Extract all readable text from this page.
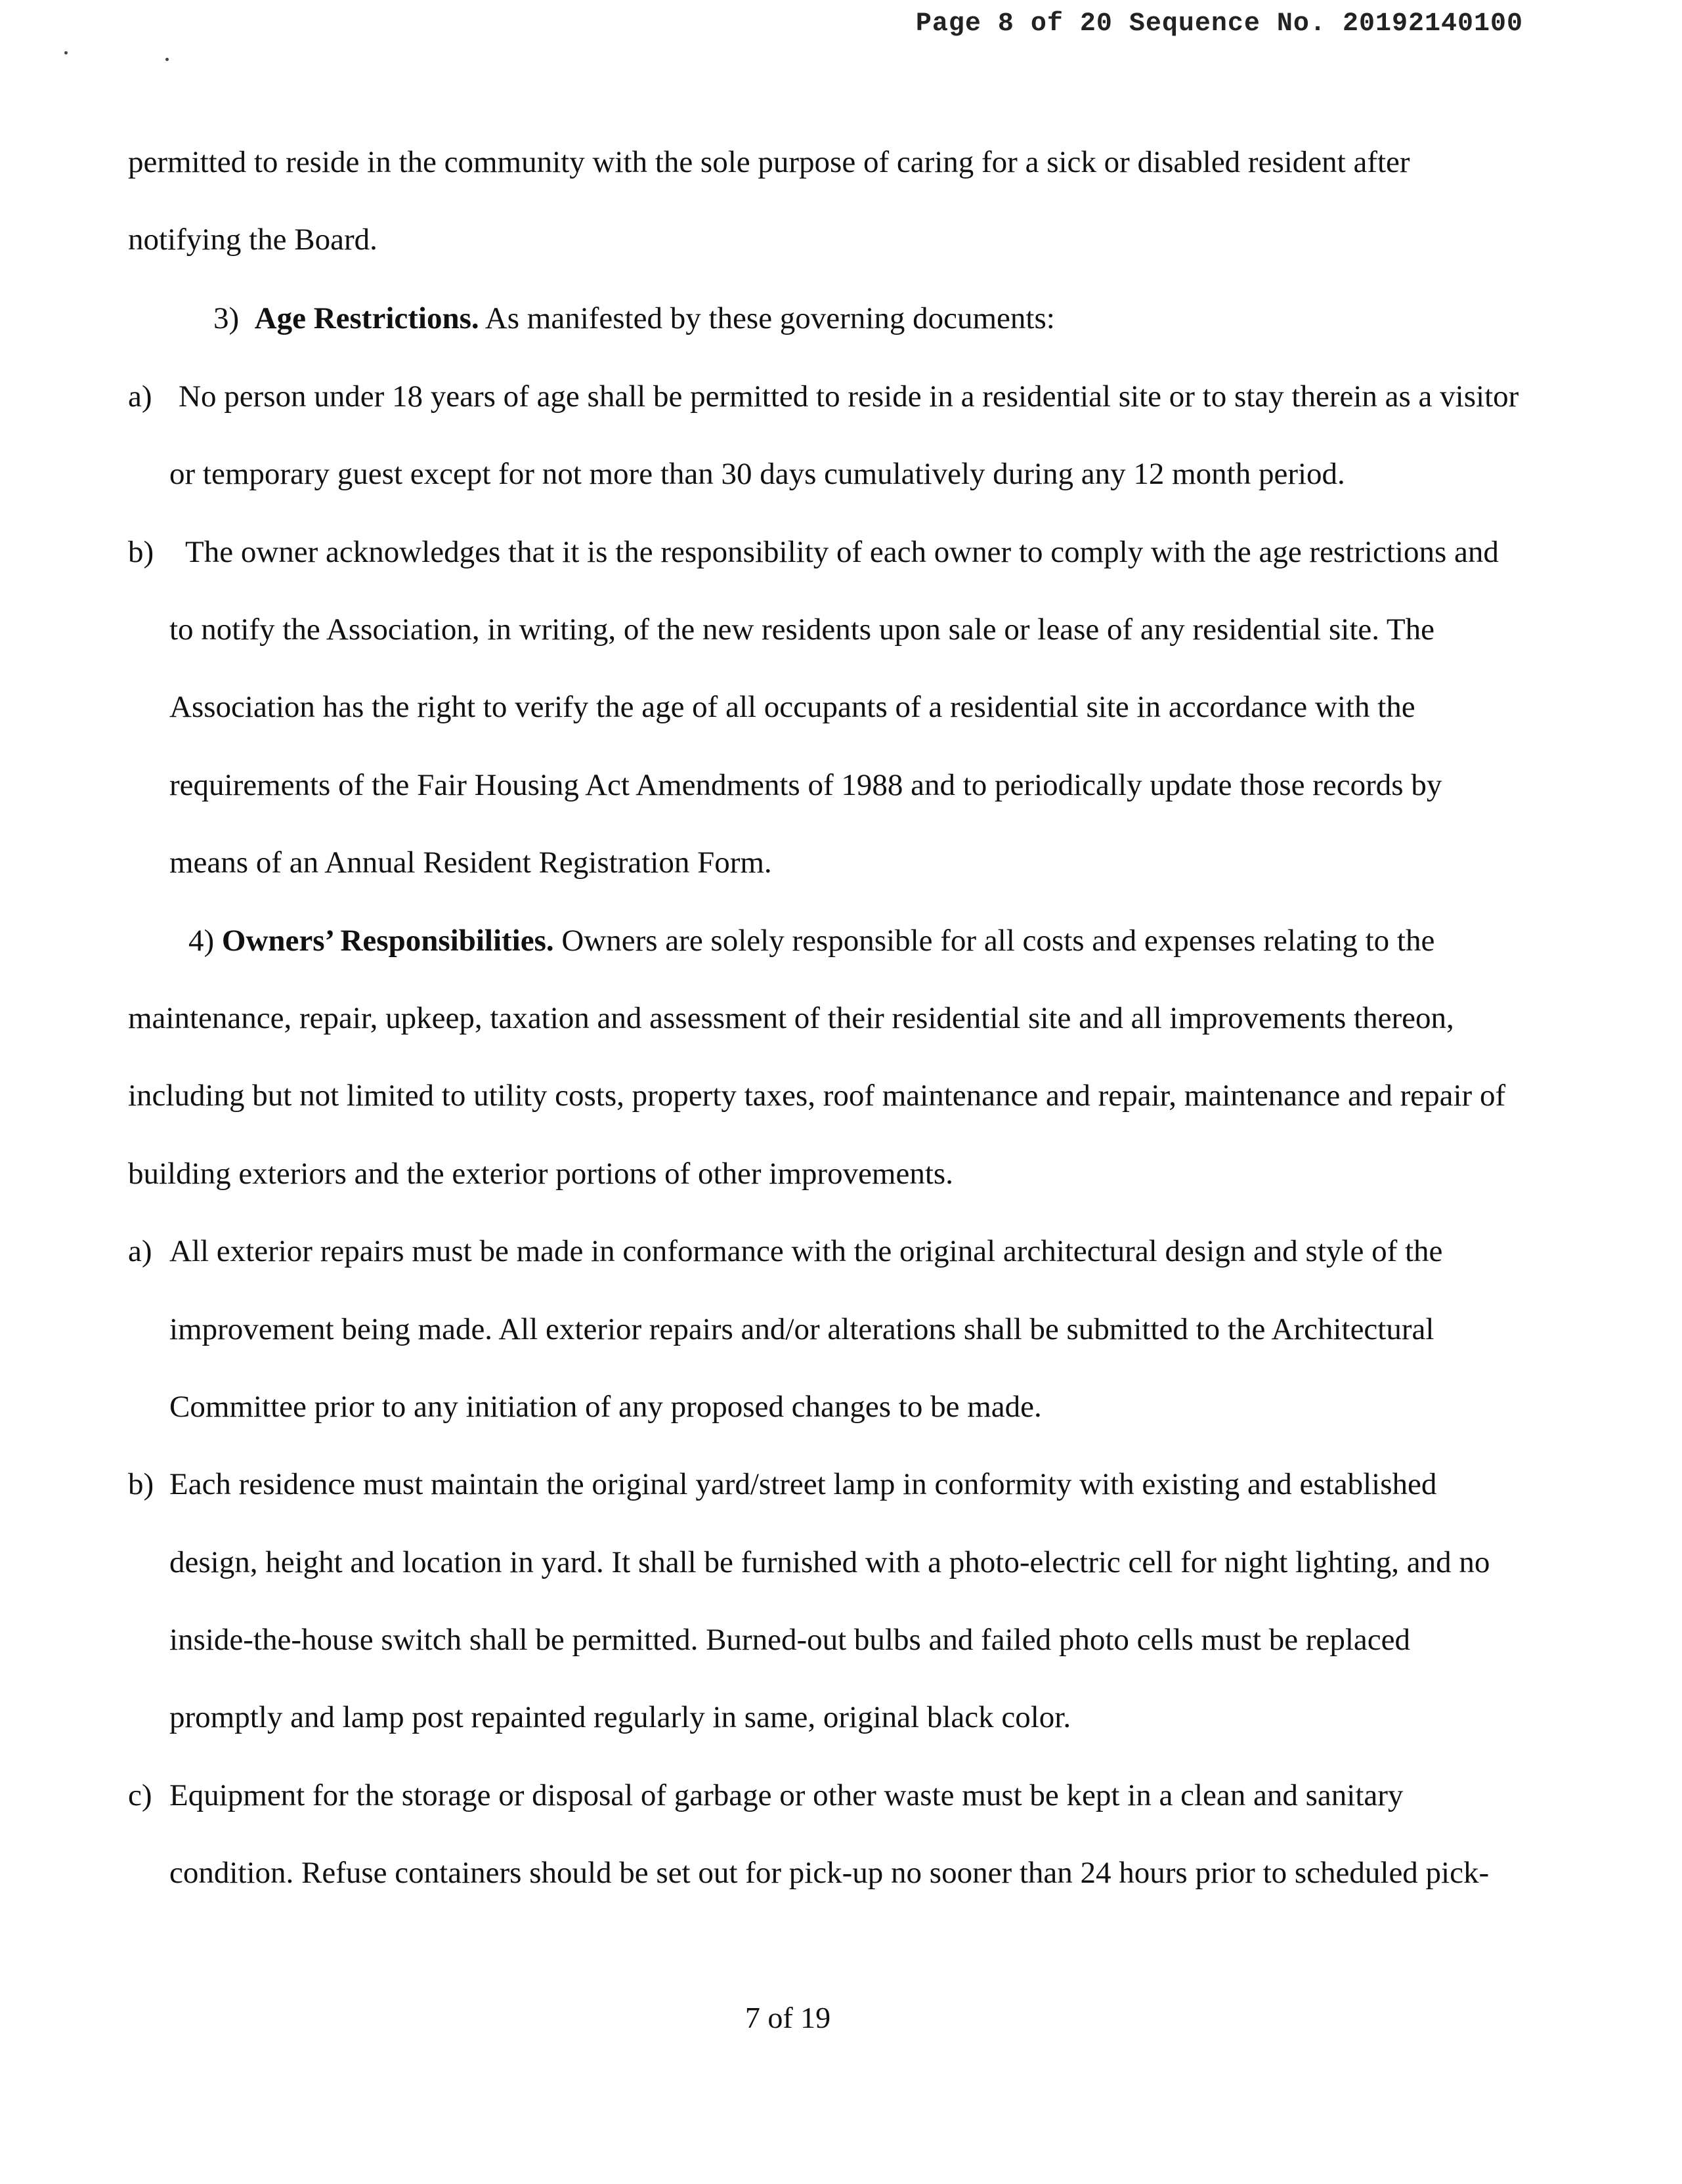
Page 8 of 20 Sequence No. 20192140100
permitted to reside in the community with the sole purpose of caring for a sick or disabled resident after
notifying the Board.
3) Age Restrictions. As manifested by these governing documents:
a) No person under 18 years of age shall be permitted to reside in a residential site or to stay therein as a visitor
or temporary guest except for not more than 30 days cumulatively during any 12 month period.
b) The owner acknowledges that it is the responsibility of each owner to comply with the age restrictions and
to notify the Association, in writing, of the new residents upon sale or lease of any residential site. The
Association has the right to verify the age of all occupants of a residential site in accordance with the
requirements of the Fair Housing Act Amendments of 1988 and to periodically update those records by
means of an Annual Resident Registration Form.
4) Owners’ Responsibilities. Owners are solely responsible for all costs and expenses relating to the
maintenance, repair, upkeep, taxation and assessment of their residential site and all improvements thereon,
including but not limited to utility costs, property taxes, roof maintenance and repair, maintenance and repair of
building exteriors and the exterior portions of other improvements.
a) All exterior repairs must be made in conformance with the original architectural design and style of the
improvement being made. All exterior repairs and/or alterations shall be submitted to the Architectural
Committee prior to any initiation of any proposed changes to be made.
b) Each residence must maintain the original yard/street lamp in conformity with existing and established
design, height and location in yard. It shall be furnished with a photo-electric cell for night lighting, and no
inside-the-house switch shall be permitted. Burned-out bulbs and failed photo cells must be replaced
promptly and lamp post repainted regularly in same, original black color.
c) Equipment for the storage or disposal of garbage or other waste must be kept in a clean and sanitary
condition. Refuse containers should be set out for pick-up no sooner than 24 hours prior to scheduled pick-
7 of 19
